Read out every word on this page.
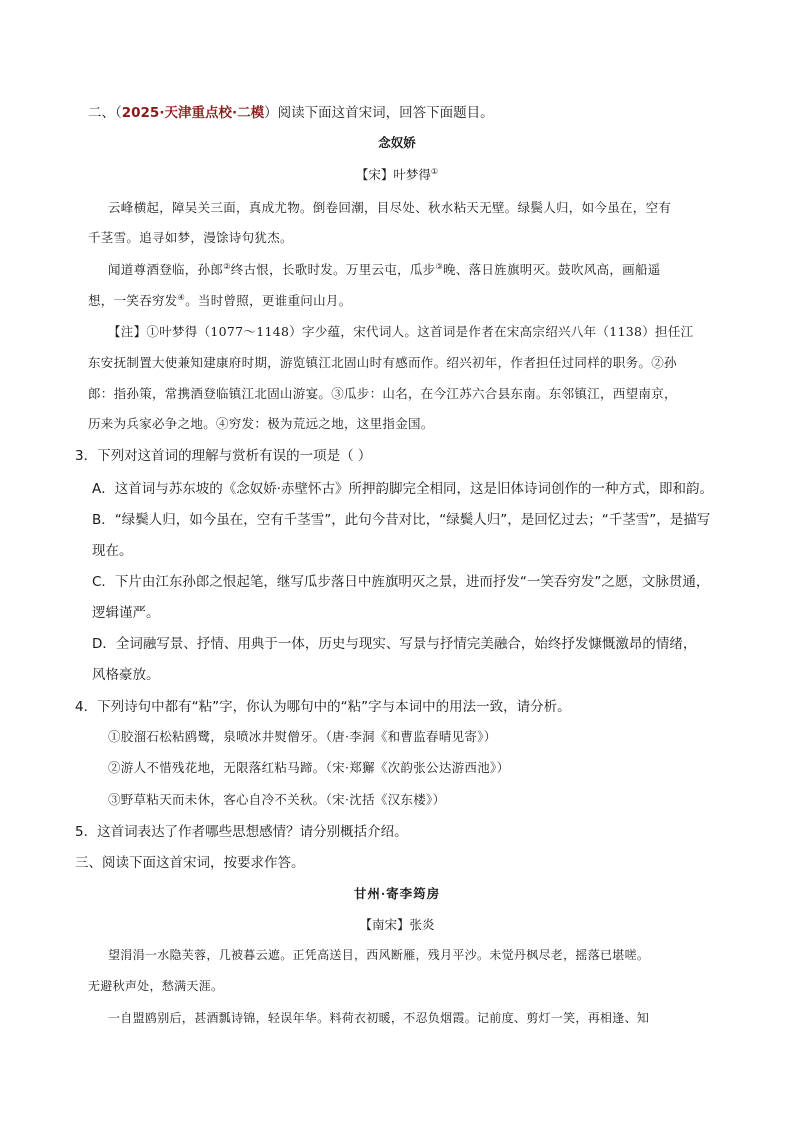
二、（2025·天津重点校·二模）阅读下面这首宋词，回答下面题目。
念奴娇
【宋】叶梦得①
云峰横起，障吴关三面，真成尤物。倒卷回潮，目尽处、秋水粘天无壁。绿鬓人归，如今虽在，空有
千茎雪。追寻如梦，漫馀诗句犹杰。
闻道尊酒登临，孙郎②终古恨，长歌时发。万里云屯，瓜步③晚、落日旌旗明灭。鼓吹风高，画船遥
想，一笑吞穷发④。当时曾照，更谁重问山月。
【注】①叶梦得（1077～1148）字少蕴，宋代词人。这首词是作者在宋高宗绍兴八年（1138）担任江
东安抚制置大使兼知建康府时期，游览镇江北固山时有感而作。绍兴初年，作者担任过同样的职务。②孙
郎：指孙策，常携酒登临镇江北固山游宴。③瓜步：山名，在今江苏六合县东南。东邻镇江，西望南京，
历来为兵家必争之地。④穷发：极为荒远之地，这里指金国。
3．下列对这首词的理解与赏析有误的一项是（ ）
A．这首词与苏东坡的《念奴娇·赤壁怀古》所押韵脚完全相同，这是旧体诗词创作的一种方式，即和韵。
B．“绿鬓人归，如今虽在，空有千茎雪”，此句今昔对比，“绿鬓人归”，是回忆过去；“千茎雪”，是描写
现在。
C．下片由江东孙郎之恨起笔，继写瓜步落日中旌旗明灭之景，进而抒发“一笑吞穷发”之愿，文脉贯通，
逻辑谨严。
D．全词融写景、抒情、用典于一体，历史与现实、写景与抒情完美融合，始终抒发慷慨激昂的情绪，
风格豪放。
4．下列诗句中都有“粘”字，你认为哪句中的“粘”字与本词中的用法一致，请分析。
①胶溜石松粘鸥鹭，泉喷冰井熨僧牙。（唐·李洞《和曹监春晴见寄》）
②游人不惜残花地，无限落红粘马蹄。（宋·郑獬《次韵张公达游西池》）
③野草粘天而未休，客心自冷不关秋。（宋·沈括《汉东楼》）
5．这首词表达了作者哪些思想感情？请分别概括介绍。
三、阅读下面这首宋词，按要求作答。
甘州·寄李筠房
【南宋】张炎
望涓涓一水隐芙蓉，几被暮云遮。正凭高送目，西风断雁，残月平沙。未觉丹枫尽老，摇落已堪嗟。
无避秋声处，愁满天涯。
一自盟鸥别后，甚酒瓢诗锦，轻误年华。料荷衣初暖，不忍负烟霞。记前度、剪灯一笑，再相逢、知
